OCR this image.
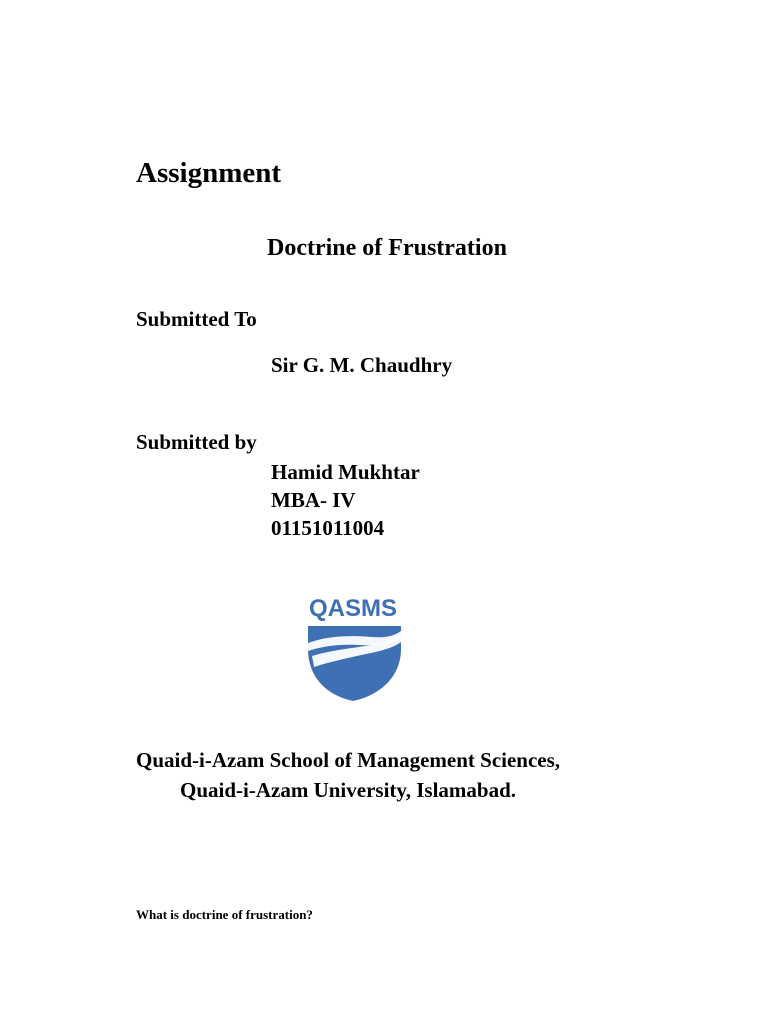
Assignment
Doctrine of Frustration
Submitted To
Sir G. M. Chaudhry
Submitted by
Hamid Mukhtar
MBA- IV
01151011004
QASMS
Quaid-i-Azam School of Management Sciences,
Quaid-i-Azam University, Islamabad.
What is doctrine of frustration?
